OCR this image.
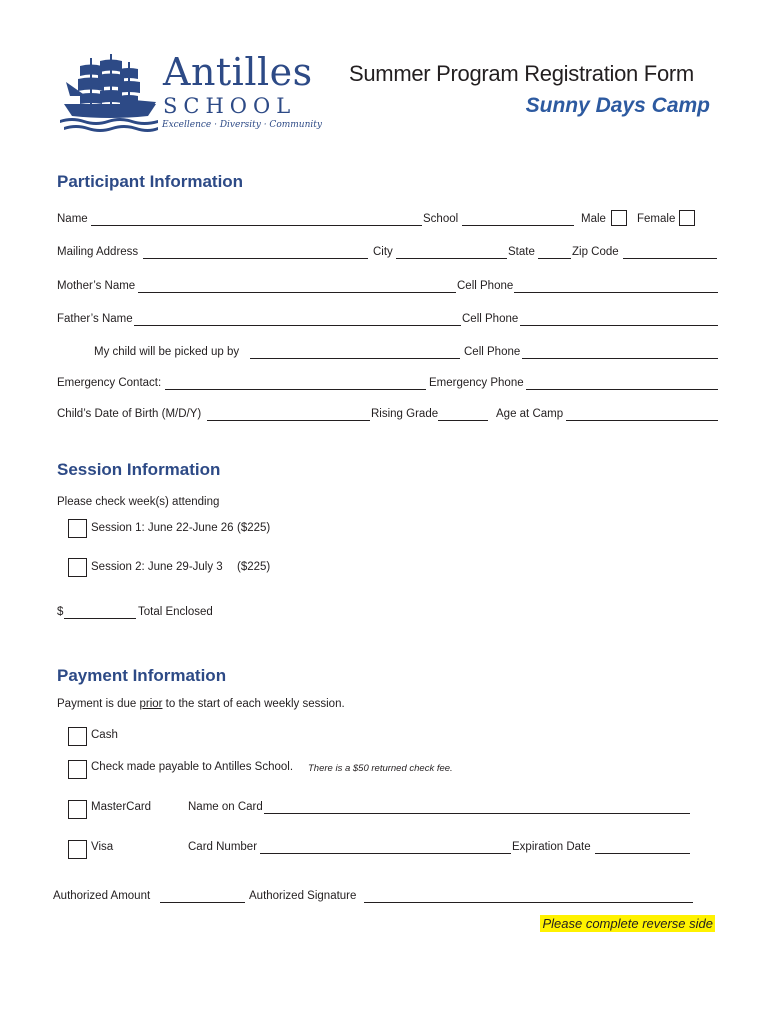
Antilles
SCHOOL
Excellence · Diversity · Community
Summer Program Registration Form
Sunny Days Camp
Participant Information
Name	School	Male	Female
Mailing Address	City	State	Zip Code
Mother’s Name	Cell Phone
Father’s Name	Cell Phone
My child will be picked up by	Cell Phone
Emergency Contact:	Emergency Phone
Child’s Date of Birth (M/D/Y)	Rising Grade	Age at Camp
Session Information
Please check week(s) attending
Session 1: June 22-June 26 ($225)
Session 2: June 29-July 3 ($225)
$	Total Enclosed
Payment Information
Payment is due prior to the start of each weekly session.
Cash
Check made payable to Antilles School. There is a $50 returned check fee.
MasterCard	Name on Card
Visa	Card Number	Expiration Date
Authorized Amount	Authorized Signature
Please complete reverse side
